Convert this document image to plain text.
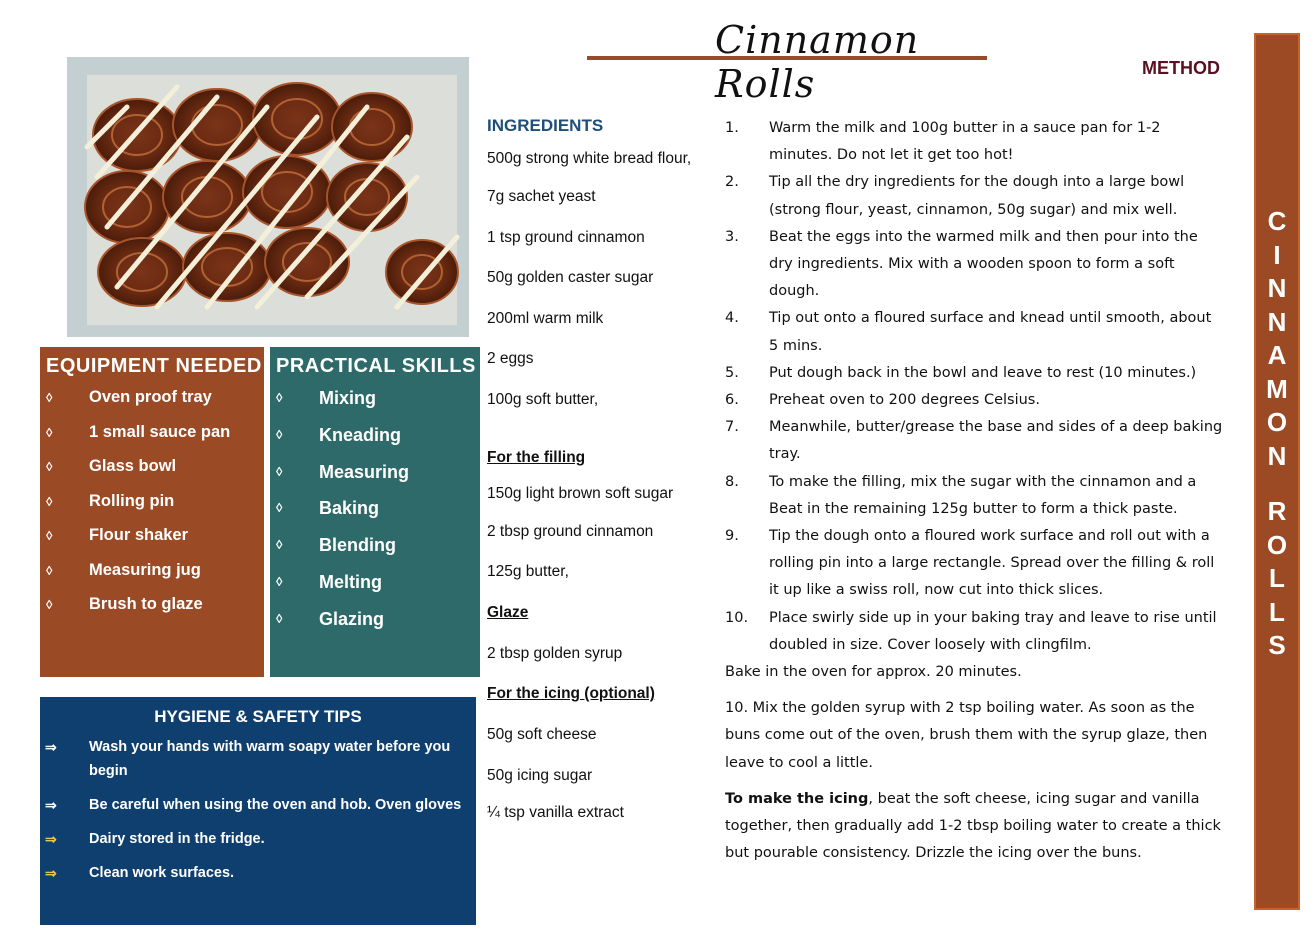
Cinnamon Rolls	METHOD
C
I
N
N
A
M
O
N
R
O
L
L
S
EQUIPMENT NEEDED
◊ Oven proof tray
◊ 1 small sauce pan
◊ Glass bowl
◊ Rolling pin
◊ Flour shaker
◊ Measuring jug
◊ Brush to glaze
PRACTICAL SKILLS
◊ Mixing
◊ Kneading
◊ Measuring
◊ Baking
◊ Blending
◊ Melting
◊ Glazing
HYGIENE & SAFETY TIPS
⇒ Wash your hands with warm soapy water before you begin
⇒ Be careful when using the oven and hob. Oven gloves
⇒ Dairy stored in the fridge.
⇒ Clean work surfaces.
INGREDIENTS
500g strong white bread flour,
7g sachet yeast
1 tsp ground cinnamon
50g golden caster sugar
200ml warm milk
2 eggs
100g soft butter,
For the filling
150g light brown soft sugar
2 tbsp ground cinnamon
125g butter,
Glaze
2 tbsp golden syrup
For the icing (optional)
50g soft cheese
50g icing sugar
¼ tsp vanilla extract
1. Warm the milk and 100g butter in a sauce pan for 1-2 minutes. Do not let it get too hot!
2. Tip all the dry ingredients for the dough into a large bowl (strong flour, yeast, cinnamon, 50g sugar) and mix well.
3. Beat the eggs into the warmed milk and then pour into the dry ingredients. Mix with a wooden spoon to form a soft dough.
4. Tip out onto a floured surface and knead until smooth, about 5 mins.
5. Put dough back in the bowl and leave to rest (10 minutes.)
6. Preheat oven to 200 degrees Celsius.
7. Meanwhile, butter/grease the base and sides of a deep baking tray.
8. To make the filling, mix the sugar with the cinnamon and a Beat in the remaining 125g butter to form a thick paste.
9. Tip the dough onto a floured work surface and roll out with a rolling pin into a large rectangle. Spread over the filling & roll it up like a swiss roll, now cut into thick slices.
10. Place swirly side up in your baking tray and leave to rise until doubled in size. Cover loosely with clingfilm.

Bake in the oven for approx. 20 minutes.

10. Mix the golden syrup with 2 tsp boiling water. As soon as the buns come out of the oven, brush them with the syrup glaze, then leave to cool a little.

To make the icing, beat the soft cheese, icing sugar and vanilla together, then gradually add 1-2 tbsp boiling water to create a thick but pourable consistency. Drizzle the icing over the buns.
